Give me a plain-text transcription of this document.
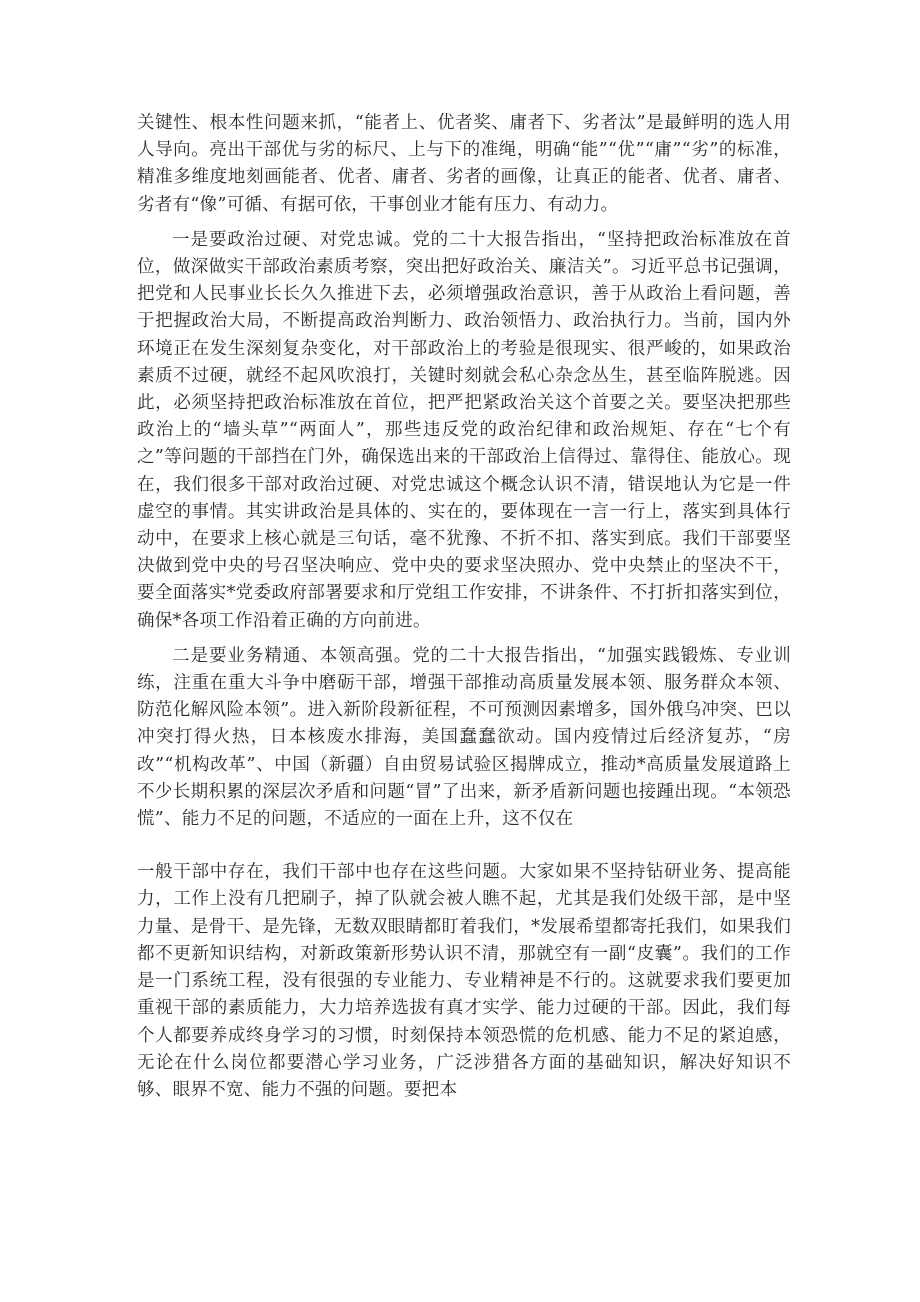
关键性、根本性问题来抓，“能者上、优者奖、庸者下、劣者汰”是最鲜明的选人用人导向。亮出干部优与劣的标尺、上与下的准绳，明确“能”“优”“庸”“劣”的标准，精准多维度地刻画能者、优者、庸者、劣者的画像，让真正的能者、优者、庸者、劣者有“像”可循、有据可依，干事创业才能有压力、有动力。

一是要政治过硬、对党忠诚。党的二十大报告指出，“坚持把政治标准放在首位，做深做实干部政治素质考察，突出把好政治关、廉洁关”。习近平总书记强调，把党和人民事业长长久久推进下去，必须增强政治意识，善于从政治上看问题，善于把握政治大局，不断提高政治判断力、政治领悟力、政治执行力。当前，国内外环境正在发生深刻复杂变化，对干部政治上的考验是很现实、很严峻的，如果政治素质不过硬，就经不起风吹浪打，关键时刻就会私心杂念丛生，甚至临阵脱逃。因此，必须坚持把政治标准放在首位，把严把紧政治关这个首要之关。要坚决把那些政治上的“墙头草”“两面人”，那些违反党的政治纪律和政治规矩、存在“七个有之”等问题的干部挡在门外，确保选出来的干部政治上信得过、靠得住、能放心。现在，我们很多干部对政治过硬、对党忠诚这个概念认识不清，错误地认为它是一件虚空的事情。其实讲政治是具体的、实在的，要体现在一言一行上，落实到具体行动中，在要求上核心就是三句话，毫不犹豫、不折不扣、落实到底。我们干部要坚决做到党中央的号召坚决响应、党中央的要求坚决照办、党中央禁止的坚决不干，要全面落实*党委政府部署要求和厅党组工作安排，不讲条件、不打折扣落实到位，确保*各项工作沿着正确的方向前进。

二是要业务精通、本领高强。党的二十大报告指出，“加强实践锻炼、专业训练，注重在重大斗争中磨砺干部，增强干部推动高质量发展本领、服务群众本领、防范化解风险本领”。进入新阶段新征程，不可预测因素增多，国外俄乌冲突、巴以冲突打得火热，日本核废水排海，美国蠢蠢欲动。国内疫情过后经济复苏，“房改”“机构改革”、中国（新疆）自由贸易试验区揭牌成立，推动*高质量发展道路上不少长期积累的深层次矛盾和问题“冒”了出来，新矛盾新问题也接踵出现。“本领恐慌”、能力不足的问题，不适应的一面在上升，这不仅在

一般干部中存在，我们干部中也存在这些问题。大家如果不坚持钻研业务、提高能力，工作上没有几把刷子，掉了队就会被人瞧不起，尤其是我们处级干部，是中坚力量、是骨干、是先锋，无数双眼睛都盯着我们，*发展希望都寄托我们，如果我们都不更新知识结构，对新政策新形势认识不清，那就空有一副“皮囊”。我们的工作是一门系统工程，没有很强的专业能力、专业精神是不行的。这就要求我们要更加重视干部的素质能力，大力培养选拔有真才实学、能力过硬的干部。因此，我们每个人都要养成终身学习的习惯，时刻保持本领恐慌的危机感、能力不足的紧迫感，无论在什么岗位都要潜心学习业务，广泛涉猎各方面的基础知识，解决好知识不够、眼界不宽、能力不强的问题。要把本
